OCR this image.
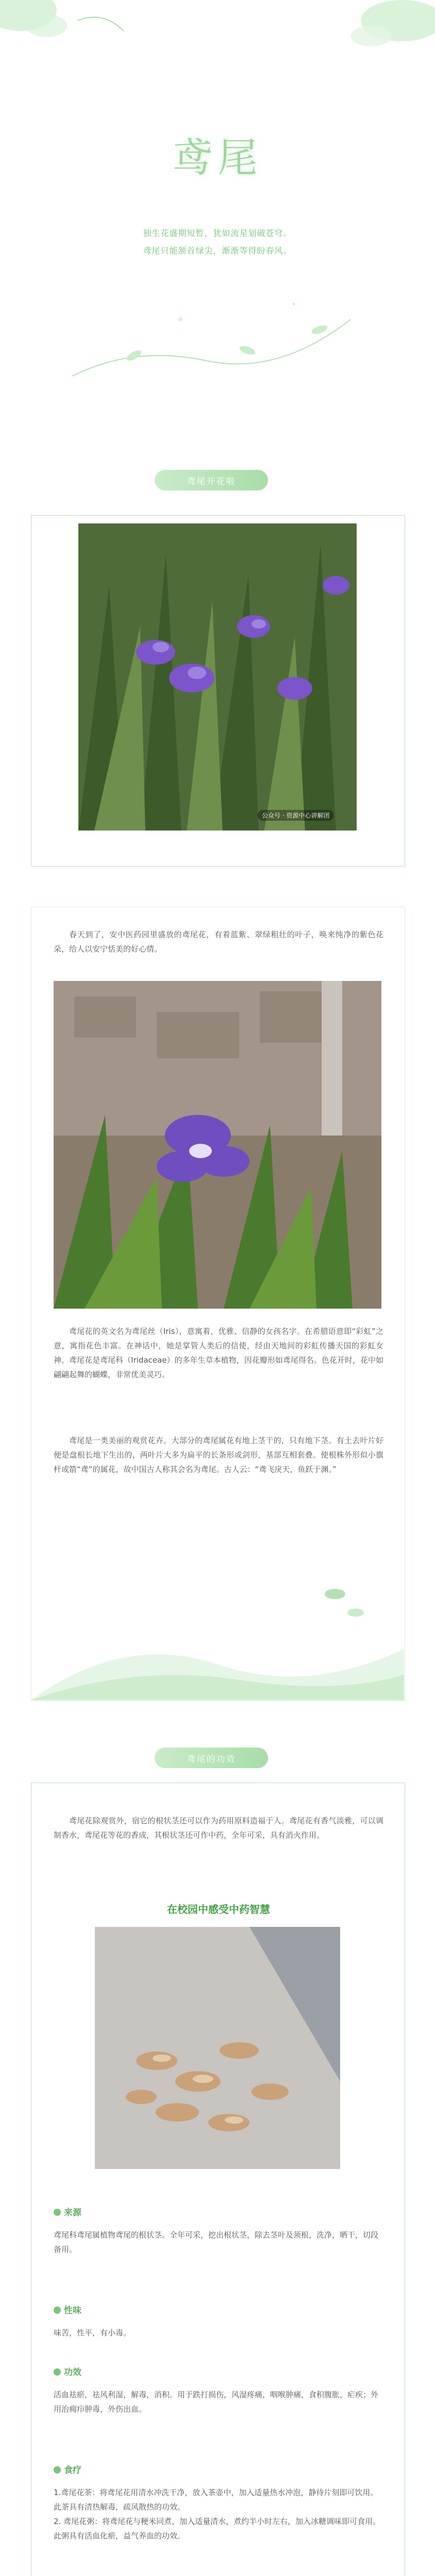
鸢尾
独生花盛期短暂，犹如流星划破苍穹。
鸢尾只能颔首绿尖，渐渐等得盼春风。
鸢尾开花啦
公众号 · 资源中心讲解团
春天到了，安中医药园里盛放的鸢尾花，有着蓝紫、翠绿粗壮的叶子，唤来纯净的紫色花朵，给人以安宁恬美的好心情。
鸢尾花的英文名为鸢尾丝（Iris），意寓着，优雅、信静的女孩名字。在希腊语意即“彩虹”之意，寓指花色丰富。在神话中，她是掌管人类后的信使，经由天地间的彩虹传播天国的彩虹女神。鸢尾花是鸢尾科（Iridaceae）的多年生草本植物，因花瓣形如鸢尾得名。色花开时，花中如翩翩起舞的蝴蝶，非常优美灵巧。
鸢尾是一类美丽的观赏花卉。大部分的鸢尾属花有地上茎干的，只有地下茎。有土去叶片好便是盘根长地下生出的，两叶片大多为扁平的长条形或剑形，基部互相套叠。使根株外形似小旗杆或箭“鸢”的属花，故中国古人称其会名为鸢尾。古人云：“鸢飞戾天，鱼跃于渊。”
鸢尾的功效
鸢尾花除观赏外，宿它的根状茎还可以作为药用原料造福于人。鸢尾花有香气淡雅，可以调制香水，鸢尾花等花的香成，其根状茎还可作中药，全年可采，具有消火作用。
在校园中感受中药智慧
来源
鸢尾科鸢尾属植物鸢尾的根状茎。全年可采，挖出根状茎，除去茎叶及须根，洗净，晒干，切段备用。
性味
味苦，性平，有小毒。
功效
活血祛瘀，祛风利湿，解毒，消积。用于跌打损伤，风湿疼痛，咽喉肿痛，食积腹胀，疟疾；外用治痈疖肿毒，外伤出血。
食疗
1.鸢尾花茶：将鸢尾花用清水冲洗干净，放入茶壶中，加入适量热水冲泡，静待片刻即可饮用。此茶具有清热解毒，疏风散热的功效。
2. 鸢尾花粥：将鸢尾花与粳米同煮，加入适量清水，煮约半小时左右，加入冰糖调味即可食用。此粥具有活血化瘀，益气养血的功效。
